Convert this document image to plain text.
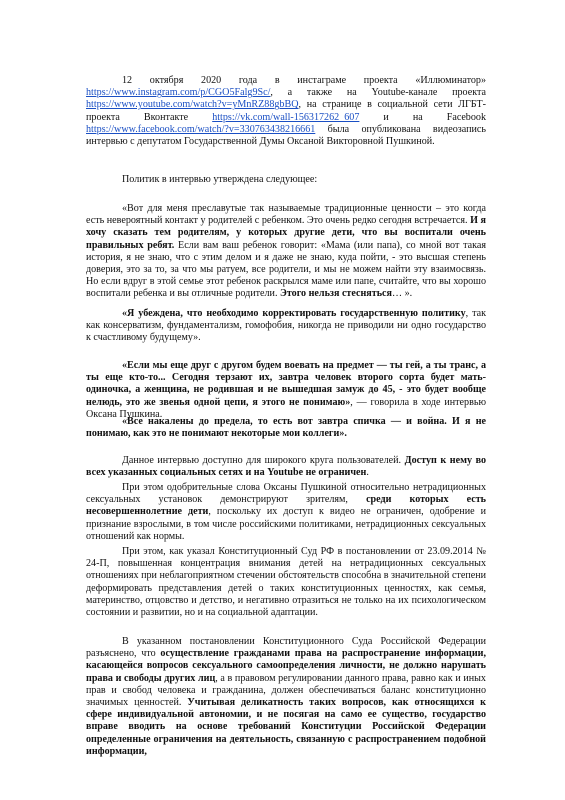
12 октября 2020 года в инстаграме проекта «Иллюминатор» https://www.instagram.com/p/CGO5Falg9Sc/, а также на Youtube-канале проекта https://www.youtube.com/watch?v=yMnRZ88gbBQ, на странице в социальной сети ЛГБТ-проекта Вконтакте https://vk.com/wall-156317262_607 и на Facebook https://www.facebook.com/watch/?v=330763438216661 была опубликована видеозапись интервью с депутатом Государственной Думы Оксаной Викторовной Пушкиной.

Политик в интервью утверждена следующее:

«Вот для меня преславутые так называемые традиционные ценности – это когда есть невероятный контакт у родителей с ребенком. Это очень редко сегодня встречается. И я хочу сказать тем родителям, у которых другие дети, что вы воспитали очень правильных ребят. Если вам ваш ребенок говорит: «Мама (или папа), со мной вот такая история, я не знаю, что с этим делом и я даже не знаю, куда пойти, - это высшая степень доверия, это за то, за что мы ратуем, все родители, и мы не можем найти эту взаимосвязь. Но если вдруг в этой семье этот ребенок раскрылся маме или папе, считайте, что вы хорошо воспитали ребенка и вы отличные родители. Этого нельзя стесняться… ».

«Я убеждена, что необходимо корректировать государственную политику, так как консерватизм, фундаментализм, гомофобия, никогда не приводили ни одно государство к счастливому будущему».

«Если мы еще друг с другом будем воевать на предмет — ты гей, а ты транс, а ты еще кто-то... Сегодня терзают их, завтра человек второго сорта будет мать-одиночка, а женщина, не родившая и не вышедшая замуж до 45, - это будет вообще нелюдь, это же звенья одной цепи, я этого не понимаю», — говорила в ходе интервью Оксана Пушкина.

«Все накалены до предела, то есть вот завтра спичка — и война. И я не понимаю, как это не понимают некоторые мои коллеги».

Данное интервью доступно для широкого круга пользователей. Доступ к нему во всех указанных социальных сетях и на Youtube не ограничен.

При этом одобрительные слова Оксаны Пушкиной относительно нетрадиционных сексуальных установок демонстрируют зрителям, среди которых есть несовершеннолетние дети, поскольку их доступ к видео не ограничен, одобрение и признание взрослыми, в том числе российскими политиками, нетрадиционных сексуальных отношений как нормы.

При этом, как указал Конституционный Суд РФ в постановлении от 23.09.2014 № 24-П, повышенная концентрация внимания детей на нетрадиционных сексуальных отношениях при неблагоприятном стечении обстоятельств способна в значительной степени деформировать представления детей о таких конституционных ценностях, как семья, материнство, отцовство и детство, и негативно отразиться не только на их психологическом состоянии и развитии, но и на социальной адаптации.

В указанном постановлении Конституционного Суда Российской Федерации разъяснено, что осуществление гражданами права на распространение информации, касающейся вопросов сексуального самоопределения личности, не должно нарушать права и свободы других лиц, а в правовом регулировании данного права, равно как и иных прав и свобод человека и гражданина, должен обеспечиваться баланс конституционно значимых ценностей. Учитывая деликатность таких вопросов, как относящихся к сфере индивидуальной автономии, и не посягая на само ее существо, государство вправе вводить на основе требований Конституции Российской Федерации определенные ограничения на деятельность, связанную с распространением подобной информации,
